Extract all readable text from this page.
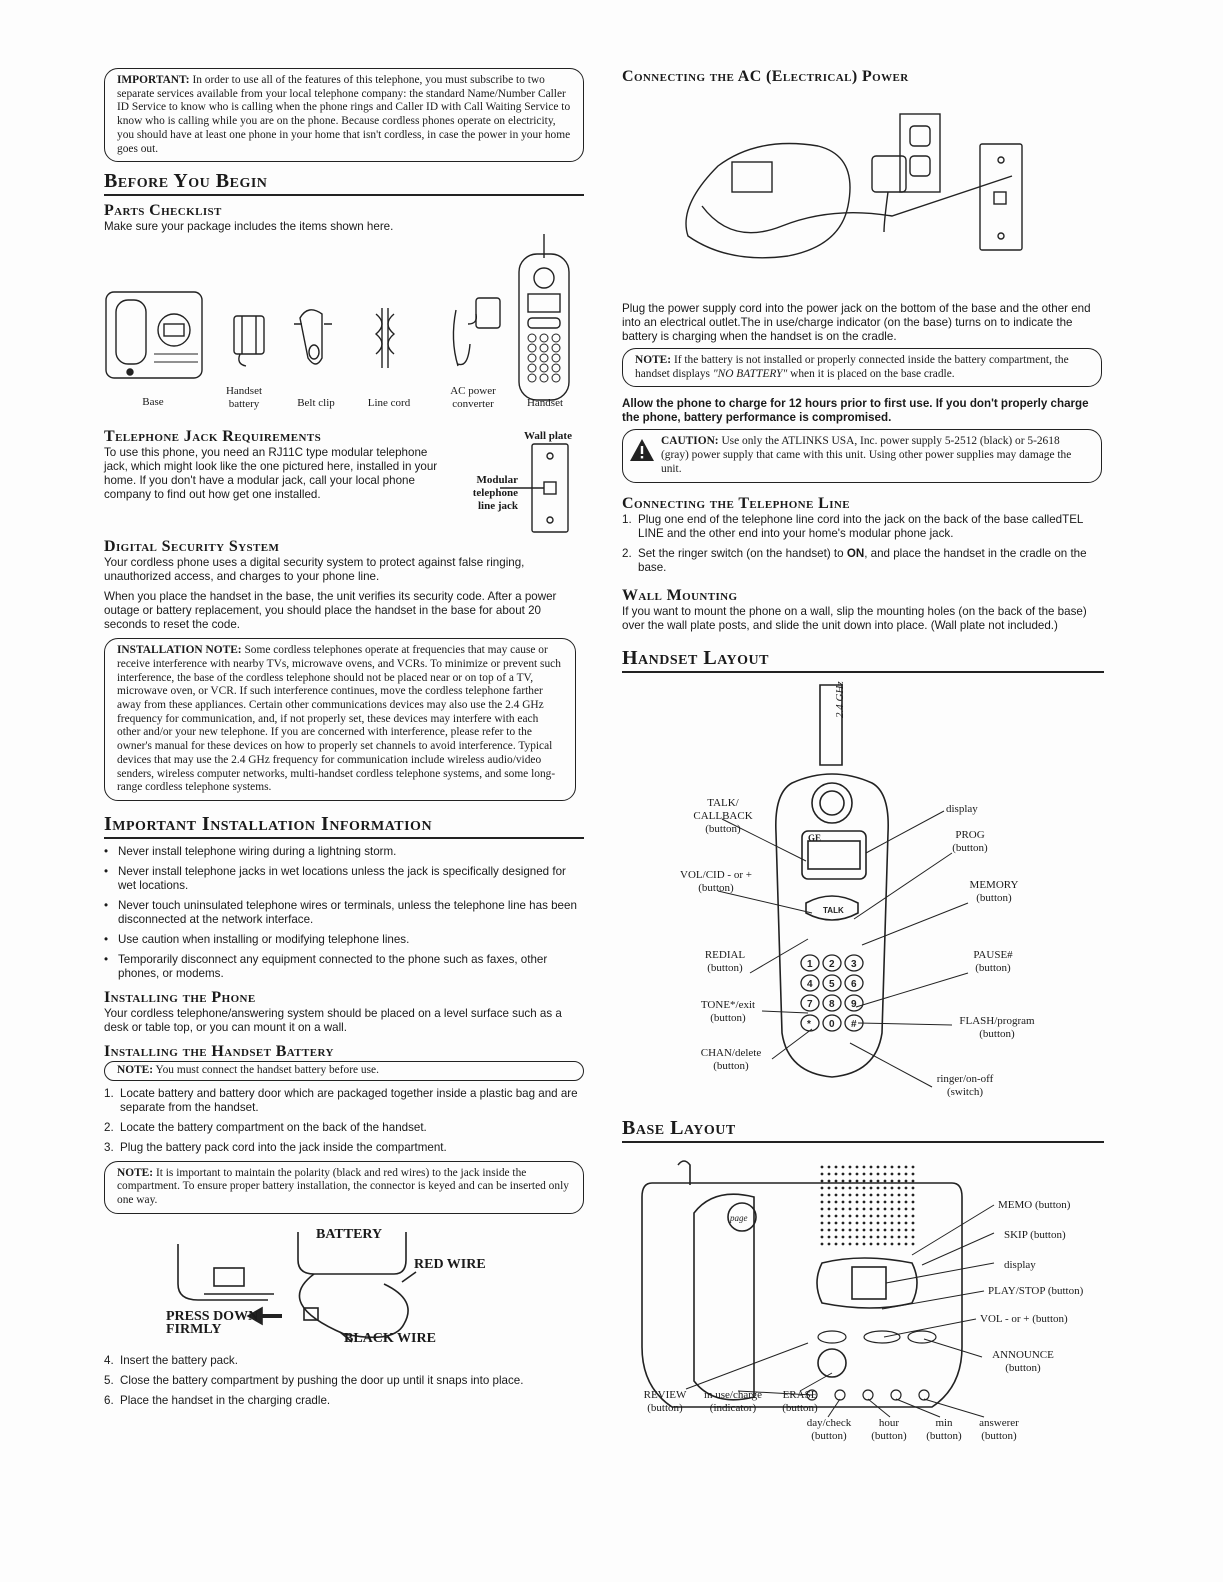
IMPORTANT: In order to use all of the features of this telephone, you must subscribe to two separate services available from your local telephone company: the standard Name/Number Caller ID Service to know who is calling when the phone rings and Caller ID with Call Waiting Service to know who is calling while you are on the phone. Because cordless phones operate on electricity, you should have at least one phone in your home that isn't cordless, in case the power in your home goes out.
Before You Begin
Parts Checklist

Make sure your package includes the items shown here.

Base
Handset battery	Belt clip	Line cord
AC power converter	Handset
Telephone Jack Requirements

To use this phone, you need an RJ11C type modular telephone jack, which might look like the one pictured here, installed in your home. If you don't have a modular jack, call your local phone company to find out how get one installed.

Wall plate
Modular telephone line jack
Digital Security System

Your cordless phone uses a digital security system to protect against false ringing, unauthorized access, and charges to your phone line.

When you place the handset in the base, the unit verifies its security code. After a power outage or battery replacement, you should place the handset in the base for about 20 seconds to reset the code.

INSTALLATION NOTE: Some cordless telephones operate at frequencies that may cause or receive interference with nearby TVs, microwave ovens, and VCRs. To minimize or prevent such interference, the base of the cordless telephone should not be placed near or on top of a TV, microwave oven, or VCR. If such interference continues, move the cordless telephone farther away from these appliances. Certain other communications devices may also use the 2.4 GHz frequency for communication, and, if not properly set, these devices may interfere with each other and/or your new telephone. If you are concerned with interference, please refer to the owner's manual for these devices on how to properly set channels to avoid interference. Typical devices that may use the 2.4 GHz frequency for communication include wireless audio/video senders, wireless computer networks, multi-handset cordless telephone systems, and some long-range cordless telephone systems.
Important Installation Information
• Never install telephone wiring during a lightning storm.
• Never install telephone jacks in wet locations unless the jack is specifically designed for wet locations.
• Never touch uninsulated telephone wires or terminals, unless the telephone line has been disconnected at the network interface.
• Use caution when installing or modifying telephone lines.
• Temporarily disconnect any equipment connected to the phone such as faxes, other phones, or modems.
Installing the Phone

Your cordless telephone/answering system should be placed on a level surface such as a desk or table top, or you can mount it on a wall.

Installing the Handset Battery
NOTE: You must connect the handset battery before use.
1. Locate battery and battery door which are packaged together inside a plastic bag and are separate from the handset.
2. Locate the battery compartment on the back of the handset.
3. Plug the battery pack cord into the jack inside the compartment.
NOTE: It is important to maintain the polarity (black and red wires) to the jack inside the compartment. To ensure proper battery installation, the connector is keyed and can be inserted only one way.
BATTERY
RED WIRE
BLACK WIRE
PRESS DOWN FIRMLY
4. Insert the battery pack.
5. Close the battery compartment by pushing the door up until it snaps into place.
6. Place the handset in the charging cradle.
Connecting the AC (Electrical) Power

Plug the power supply cord into the power jack on the bottom of the base and the other end into an electrical outlet.The in use/charge indicator (on the base) turns on to indicate the battery is charging when the handset is on the cradle.

NOTE: If the battery is not installed or properly connected inside the battery compartment, the handset displays "NO BATTERY" when it is placed on the base cradle.

Allow the phone to charge for 12 hours prior to first use. If you don't properly charge the phone, battery performance is compromised.

CAUTION: Use only the ATLINKS USA, Inc. power supply 5-2512 (black) or 5-2618 (gray) power supply that came with this unit. Using other power supplies may damage the unit.
Connecting the Telephone Line
1. Plug one end of the telephone line cord into the jack on the back of the base calledTEL LINE and the other end into your home's modular phone jack.
2. Set the ringer switch (on the handset) to ON, and place the handset in the cradle on the base.
Wall Mounting

If you want to mount the phone on a wall, slip the mounting holes (on the back of the base) over the wall plate posts, and slide the unit down into place. (Wall plate not included.)

Handset Layout
2.4 GHz
GE
TALK
1 2 3
4 5 6
7 8 9
* 0 #
TALK/ CALLBACK (button)
VOL/CID - or + (button)
REDIAL (button)
TONE*/exit (button)
CHAN/delete (button)
display
PROG (button)
MEMORY (button)
PAUSE# (button)
FLASH/program (button)
ringer/on-off (switch)
Base Layout
page
MEMO (button)
SKIP (button)
display
PLAY/STOP (button)
VOL - or + (button)
ANNOUNCE (button)
REVIEW (button)
in use/charge (indicator)
ERASE (button)
day/check (button)
hour (button)
min (button)
answerer (button)
